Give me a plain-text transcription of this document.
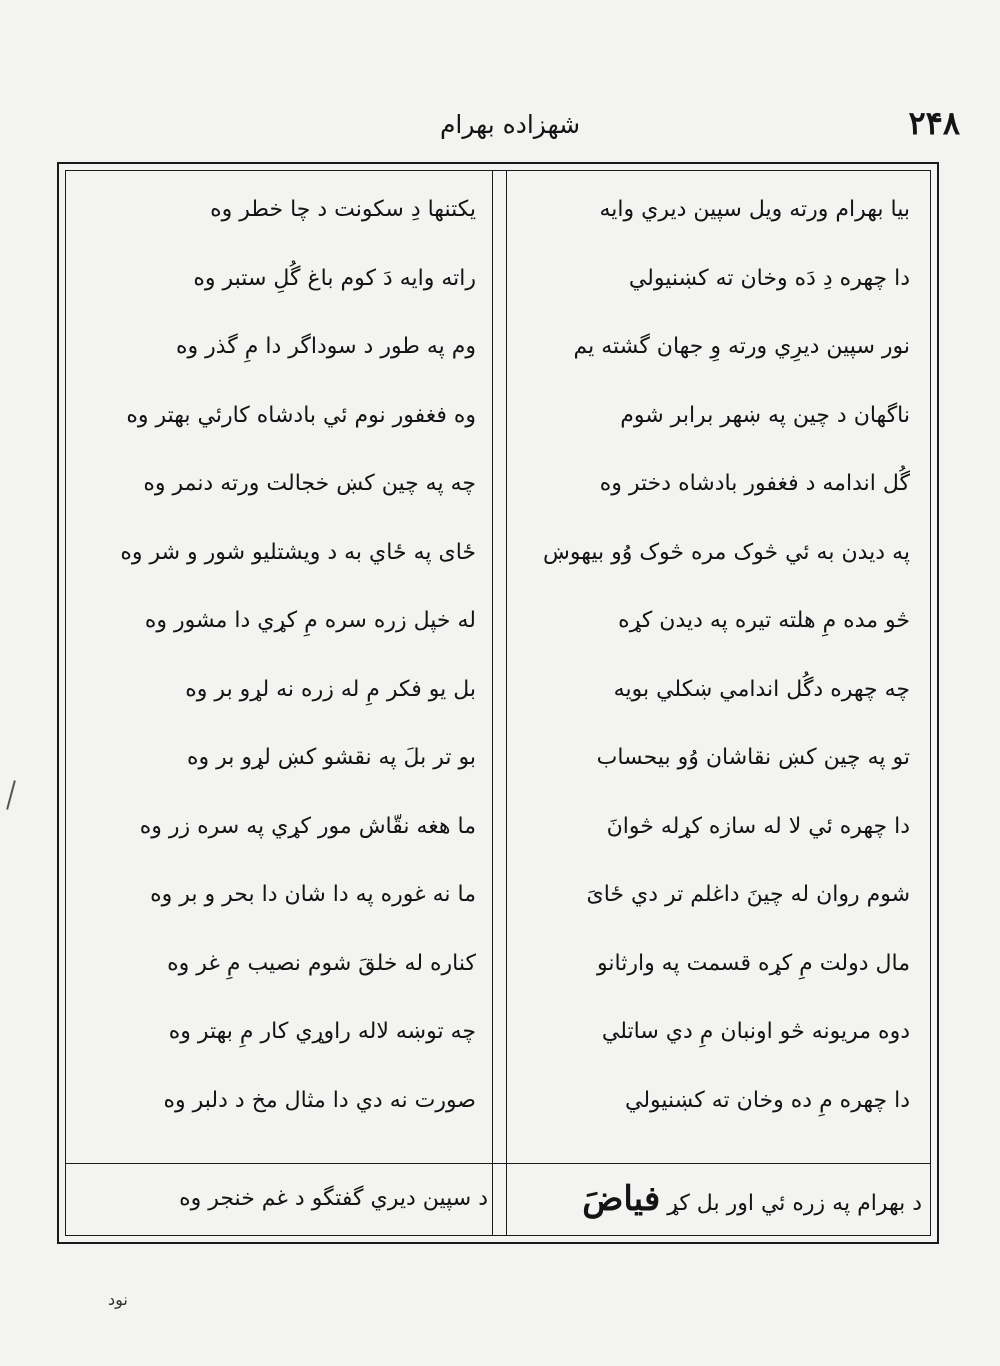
۲۴۸
شهزاده بهرام
بیا بهرام ورته ویل سپین دیري وایه
دا چهره دِ دَه وخان ته کښنیولي
نور سپین دیرِي ورته وِ جهان گشته یم
ناگهان د چین په ښهر برابر شوم
گُل اندامه د فغفور بادشاه دختر وه
په دیدن به ئي څوک مره څوک وُو بیهوښ
څو مده مِ هلته تیره په دیدن کړه
چه چهره دگُل اندامي ښکلي بویه
تو په چین کښ نقاشان وُو بیحساب
دا چهره ئي لا له سازه کړله څوانَ
شوم روان له چینَ داغلم تر دي ځایَ
مال دولت مِ کړه قسمت په وارثانو
دوه مریونه څو اونبان مِ دي ساتلي
دا چهره مِ ده وخان ته کښنیولي
یکتنها دِ سکونت د چا خطر وه
راته وایه دَ کوم باغ گُلِ ستبر وه
وم په طور د سوداگر دا مِ گذر وه
وه فغفور نوم ئي بادشاه کارئي بهتر وه
چه په چین کښ خجالت ورته دنمر وه
ځای په ځاي به د ویشتلیو شور و شر وه
له خپل زره سره مِ کړي دا مشور وه
بل یو فکر مِ له زره نه لړو بر وه
بو تر بلَ په نقشو کښ لړو بر وه
ما هغه نقّاش مور کړي په سره زر وه
ما نه غوره په دا شان دا بحر و بر وه
کناره له خلقَ شوم نصیب مِ غر وه
چه توښه لاله راوړي کار مِ بهتر وه
صورت نه دي دا مثال مخ د دلبر وه
د بهرام په زره ئي اور بل کړ فیاضَ
د سپین دیري گفتگو د غم خنجر وه
نود
